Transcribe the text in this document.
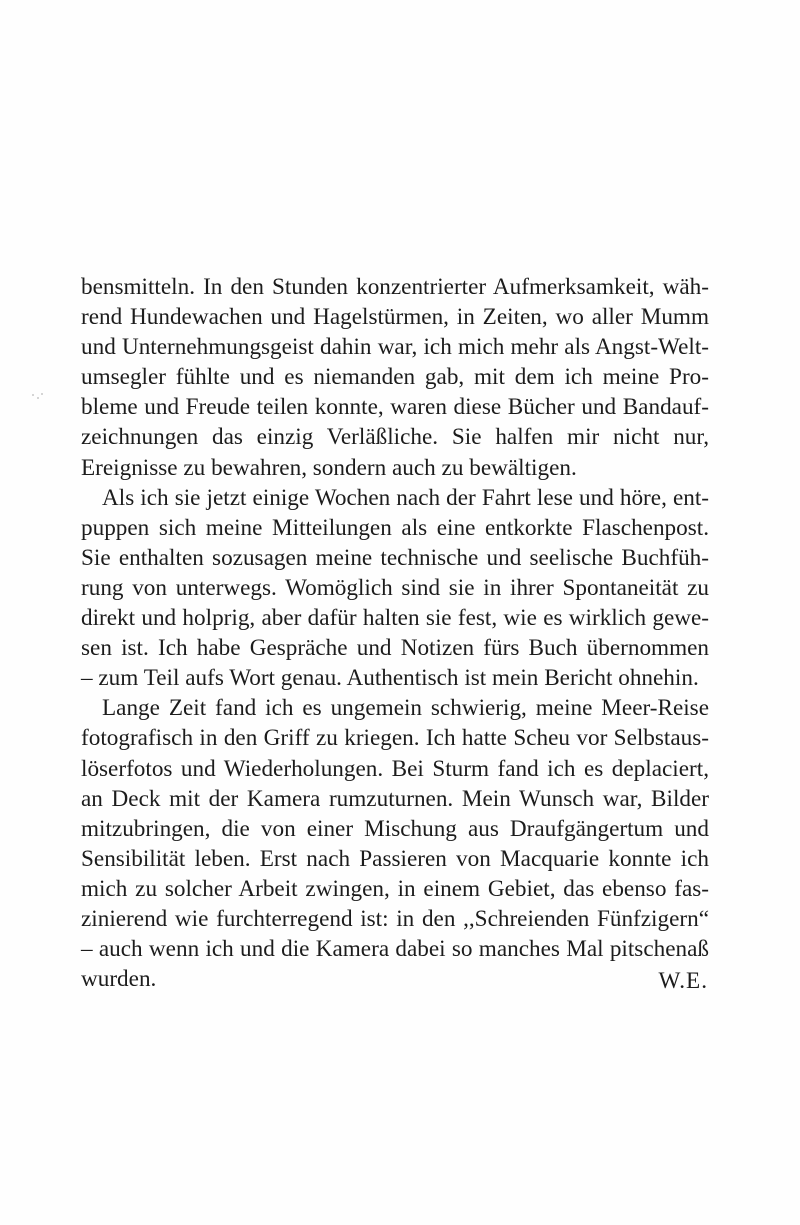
bensmitteln. In den Stunden konzentrierter Aufmerksamkeit, wäh-
rend Hundewachen und Hagelstürmen, in Zeiten, wo aller Mumm
und Unternehmungsgeist dahin war, ich mich mehr als Angst-Welt-
umsegler fühlte und es niemanden gab, mit dem ich meine Pro-
bleme und Freude teilen konnte, waren diese Bücher und Bandauf-
zeichnungen das einzig Verläßliche. Sie halfen mir nicht nur,
Ereignisse zu bewahren, sondern auch zu bewältigen.
Als ich sie jetzt einige Wochen nach der Fahrt lese und höre, ent-
puppen sich meine Mitteilungen als eine entkorkte Flaschenpost.
Sie enthalten sozusagen meine technische und seelische Buchfüh-
rung von unterwegs. Womöglich sind sie in ihrer Spontaneität zu
direkt und holprig, aber dafür halten sie fest, wie es wirklich gewe-
sen ist. Ich habe Gespräche und Notizen fürs Buch übernommen
– zum Teil aufs Wort genau. Authentisch ist mein Bericht ohnehin.
Lange Zeit fand ich es ungemein schwierig, meine Meer-Reise
fotografisch in den Griff zu kriegen. Ich hatte Scheu vor Selbstaus-
löserfotos und Wiederholungen. Bei Sturm fand ich es deplaciert,
an Deck mit der Kamera rumzuturnen. Mein Wunsch war, Bilder
mitzubringen, die von einer Mischung aus Draufgängertum und
Sensibilität leben. Erst nach Passieren von Macquarie konnte ich
mich zu solcher Arbeit zwingen, in einem Gebiet, das ebenso fas-
zinierend wie furchterregend ist: in den ,,Schreienden Fünfzigern“
– auch wenn ich und die Kamera dabei so manches Mal pitschenaß
wurden.	W.E.
